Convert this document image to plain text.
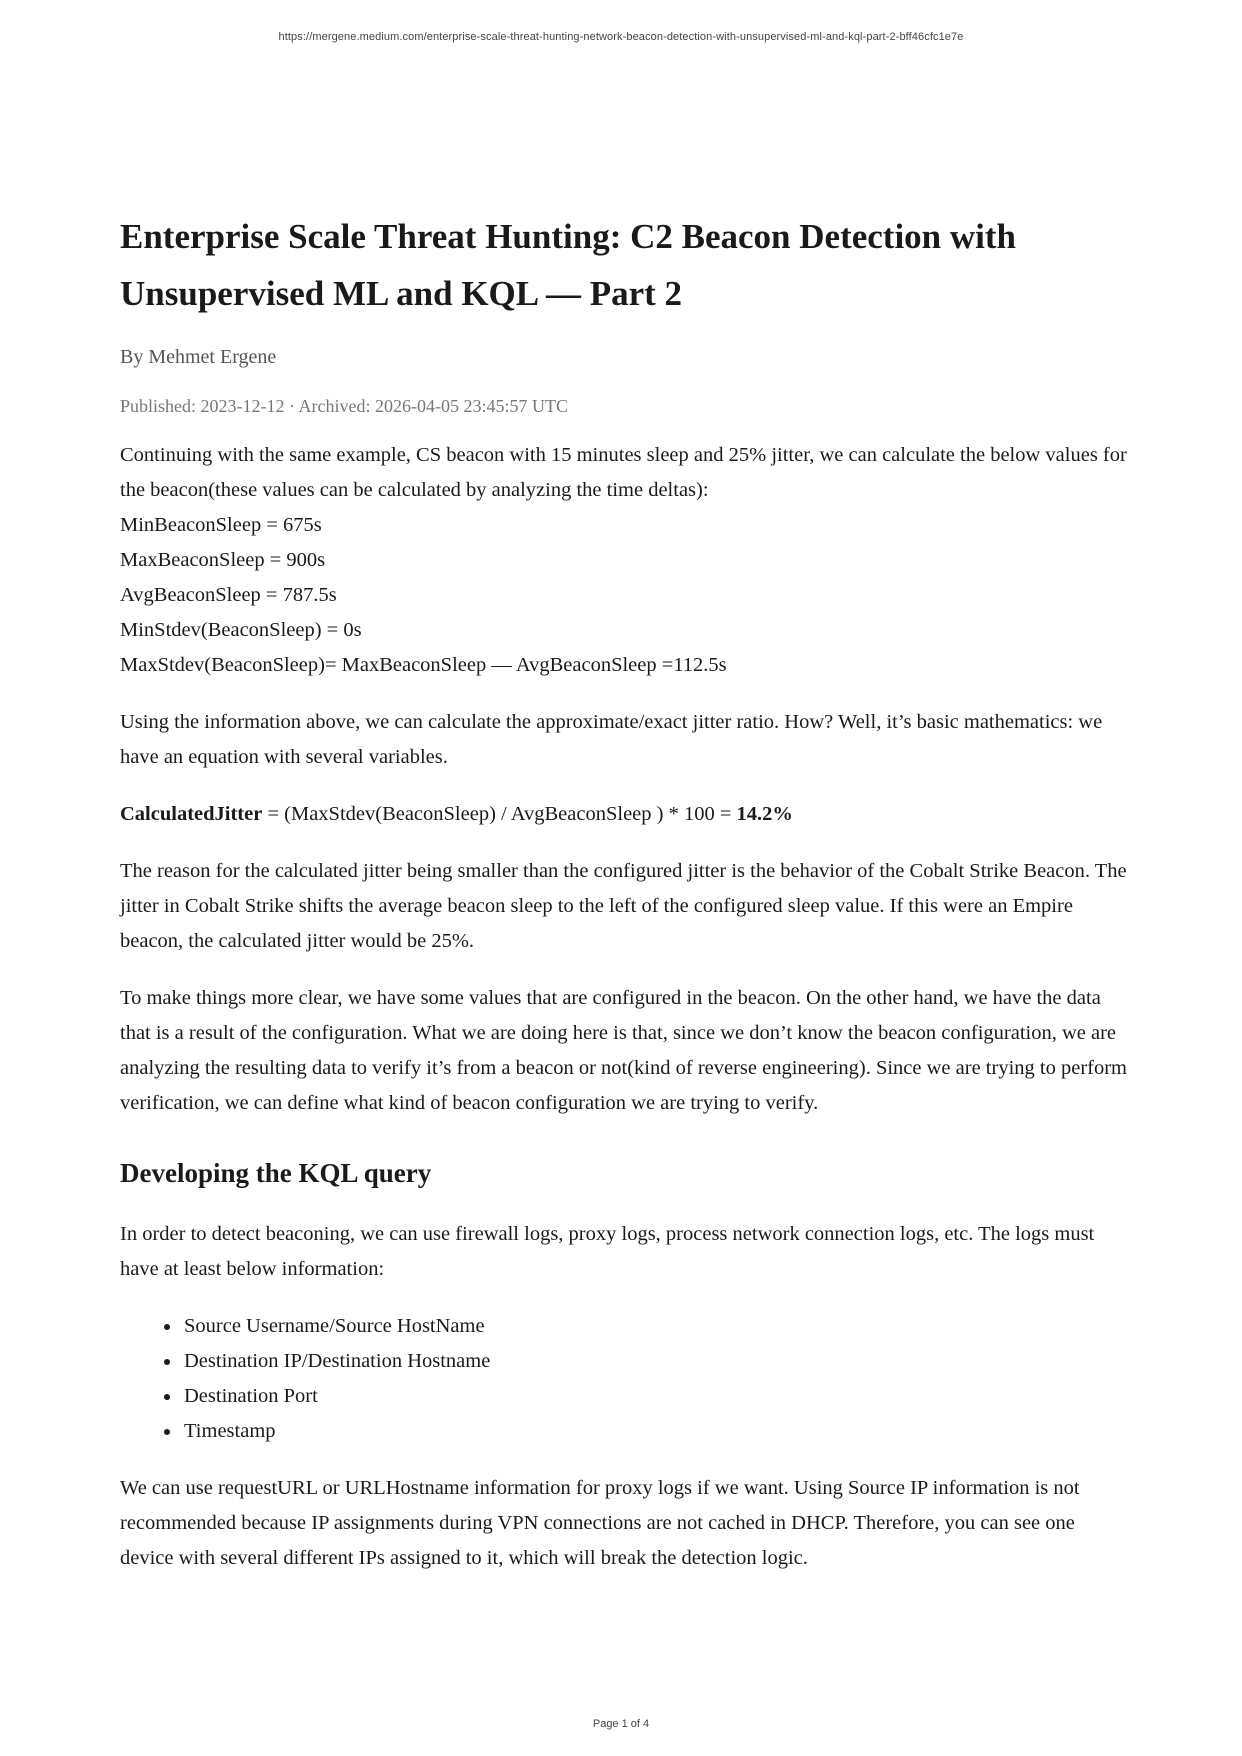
https://mergene.medium.com/enterprise-scale-threat-hunting-network-beacon-detection-with-unsupervised-ml-and-kql-part-2-bff46cfc1e7e
Enterprise Scale Threat Hunting: C2 Beacon Detection with Unsupervised ML and KQL — Part 2
By Mehmet Ergene
Published: 2023-12-12 · Archived: 2026-04-05 23:45:57 UTC

Continuing with the same example, CS beacon with 15 minutes sleep and 25% jitter, we can calculate the below values for the beacon(these values can be calculated by analyzing the time deltas):

MinBeaconSleep = 675s
MaxBeaconSleep = 900s
AvgBeaconSleep = 787.5s
MinStdev(BeaconSleep) = 0s
MaxStdev(BeaconSleep)= MaxBeaconSleep — AvgBeaconSleep =112.5s

Using the information above, we can calculate the approximate/exact jitter ratio. How? Well, it’s basic mathematics: we have an equation with several variables.

CalculatedJitter = (MaxStdev(BeaconSleep) / AvgBeaconSleep ) * 100 = 14.2%

The reason for the calculated jitter being smaller than the configured jitter is the behavior of the Cobalt Strike Beacon. The jitter in Cobalt Strike shifts the average beacon sleep to the left of the configured sleep value. If this were an Empire beacon, the calculated jitter would be 25%.

To make things more clear, we have some values that are configured in the beacon. On the other hand, we have the data that is a result of the configuration. What we are doing here is that, since we don’t know the beacon configuration, we are analyzing the resulting data to verify it’s from a beacon or not(kind of reverse engineering). Since we are trying to perform verification, we can define what kind of beacon configuration we are trying to verify.

Developing the KQL query

In order to detect beaconing, we can use firewall logs, proxy logs, process network connection logs, etc. The logs must have at least below information:

• Source Username/Source HostName
• Destination IP/Destination Hostname
• Destination Port
• Timestamp

We can use requestURL or URLHostname information for proxy logs if we want. Using Source IP information is not recommended because IP assignments during VPN connections are not cached in DHCP. Therefore, you can see one device with several different IPs assigned to it, which will break the detection logic.

Page 1 of 4
